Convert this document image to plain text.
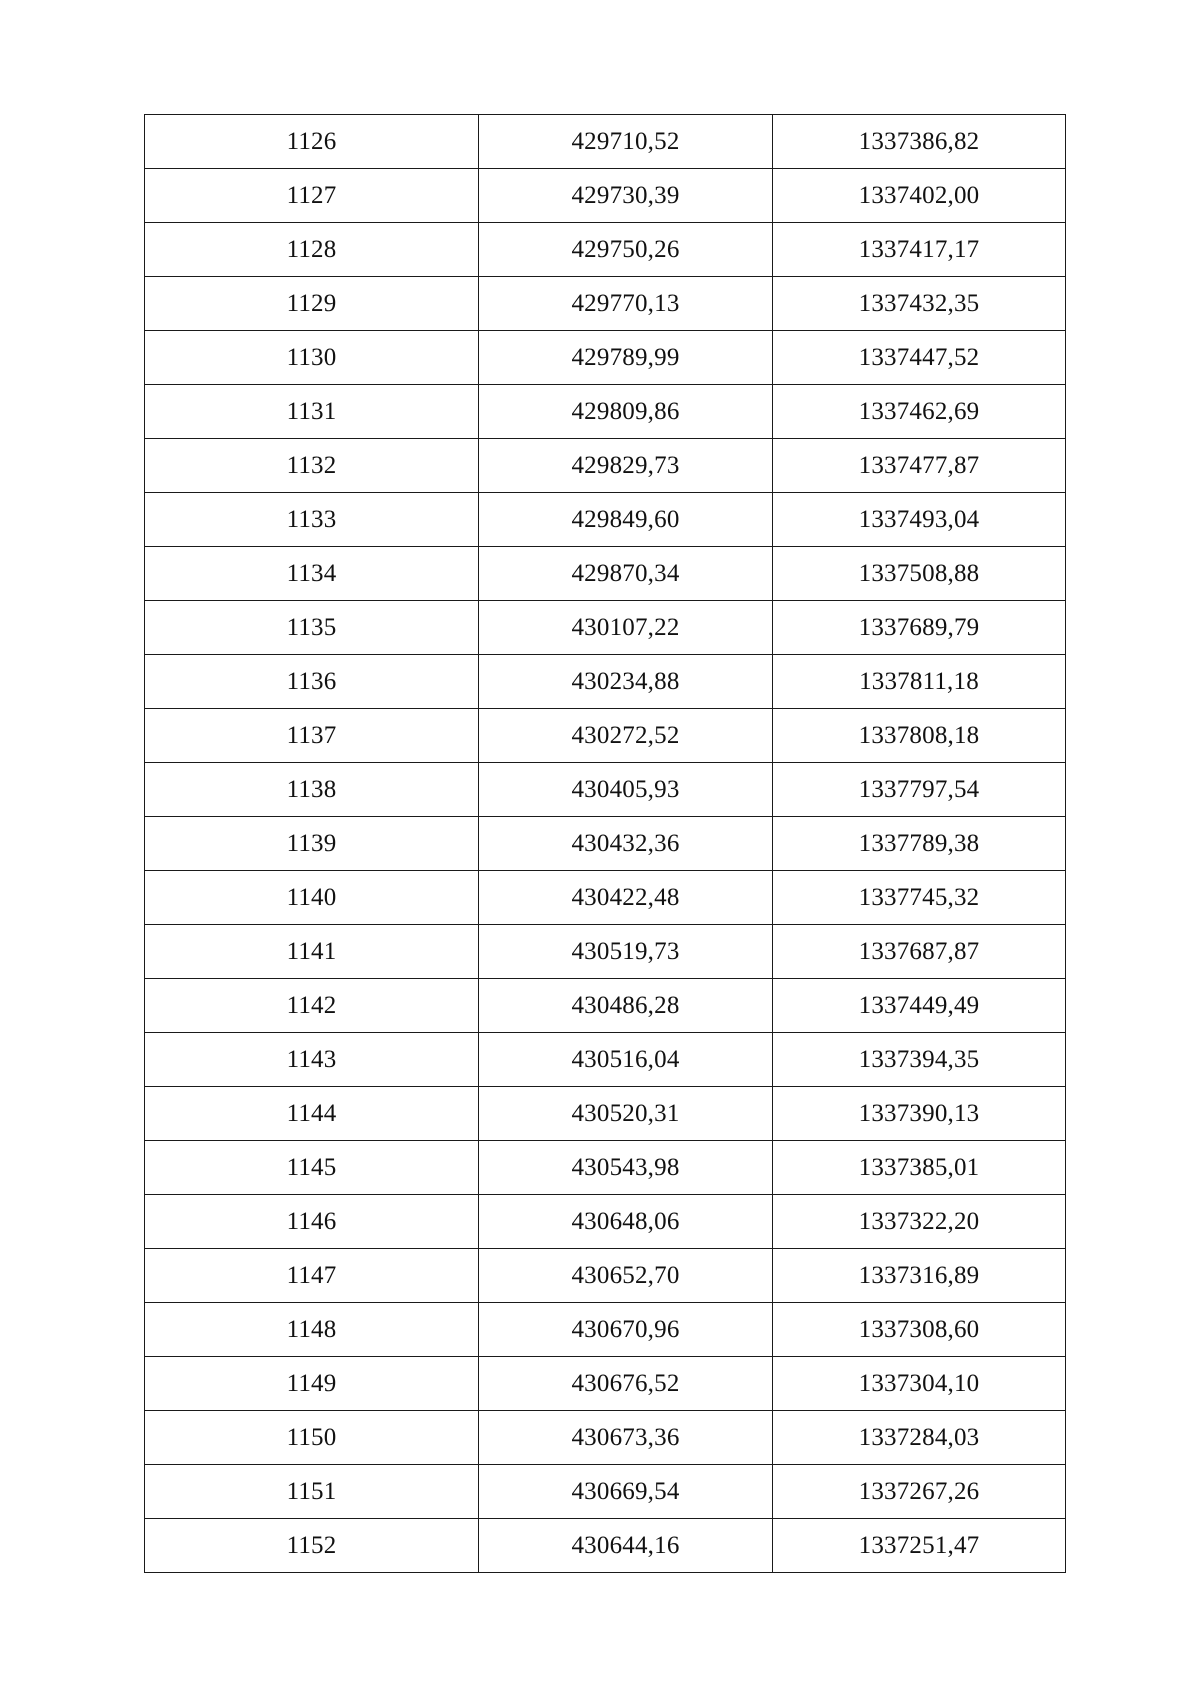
1126	429710,52	1337386,82
1127	429730,39	1337402,00
1128	429750,26	1337417,17
1129	429770,13	1337432,35
1130	429789,99	1337447,52
1131	429809,86	1337462,69
1132	429829,73	1337477,87
1133	429849,60	1337493,04
1134	429870,34	1337508,88
1135	430107,22	1337689,79
1136	430234,88	1337811,18
1137	430272,52	1337808,18
1138	430405,93	1337797,54
1139	430432,36	1337789,38
1140	430422,48	1337745,32
1141	430519,73	1337687,87
1142	430486,28	1337449,49
1143	430516,04	1337394,35
1144	430520,31	1337390,13
1145	430543,98	1337385,01
1146	430648,06	1337322,20
1147	430652,70	1337316,89
1148	430670,96	1337308,60
1149	430676,52	1337304,10
1150	430673,36	1337284,03
1151	430669,54	1337267,26
1152	430644,16	1337251,47
